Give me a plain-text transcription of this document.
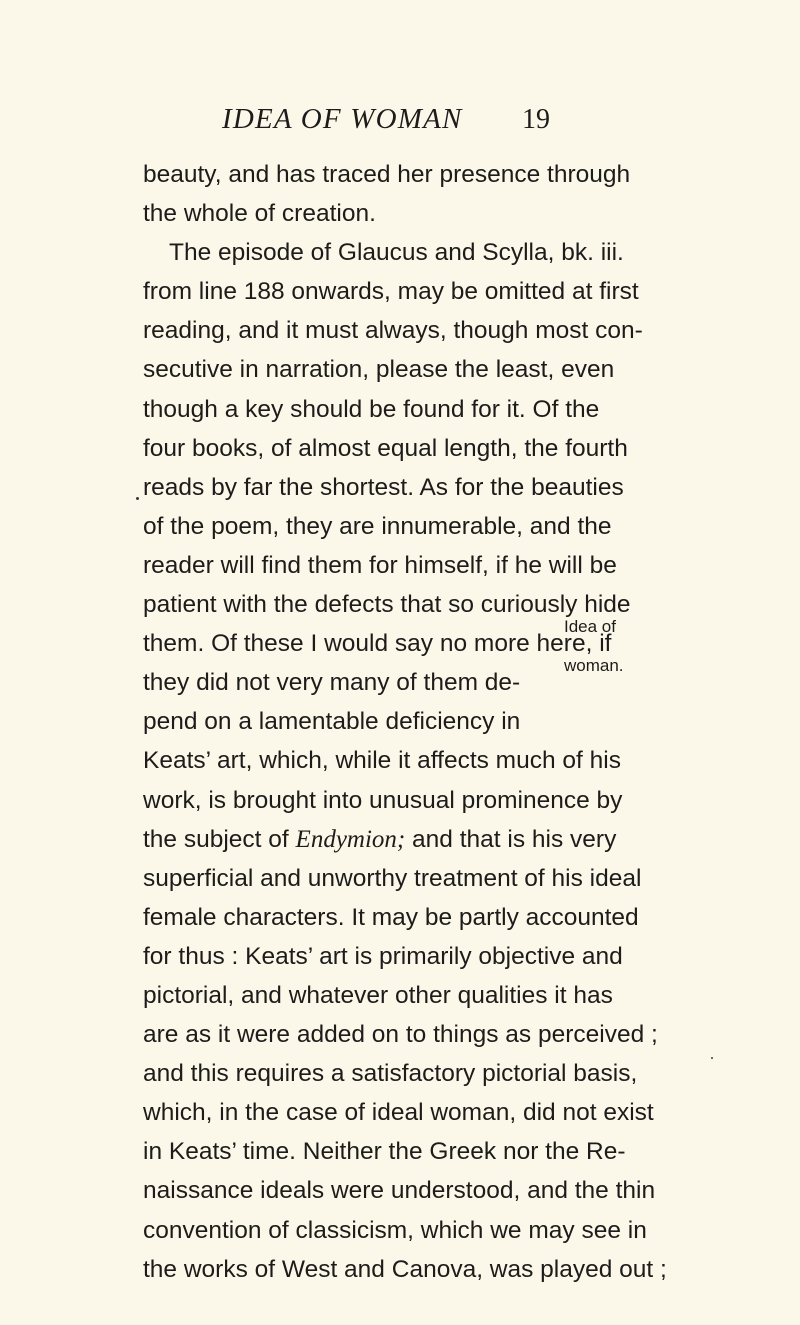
IDEA OF WOMAN 19
beauty, and has traced her presence through
the whole of creation.
The episode of Glaucus and Scylla, bk. iii.
from line 188 onwards, may be omitted at first
reading, and it must always, though most con-
secutive in narration, please the least, even
though a key should be found for it. Of the
four books, of almost equal length, the fourth
reads by far the shortest. As for the beauties
of the poem, they are innumerable, and the
reader will find them for himself, if he will be
patient with the defects that so curiously hide
them. Of these I would say no more here, if
they did not very many of them de-
pend on a lamentable deficiency in
Keats’ art, which, while it affects much of his
work, is brought into unusual prominence by
the subject of Endymion; and that is his very
superficial and unworthy treatment of his ideal
female characters. It may be partly accounted
for thus : Keats’ art is primarily objective and
pictorial, and whatever other qualities it has
are as it were added on to things as perceived ;
and this requires a satisfactory pictorial basis,
which, in the case of ideal woman, did not exist
in Keats’ time. Neither the Greek nor the Re-
naissance ideals were understood, and the thin
convention of classicism, which we may see in
the works of West and Canova, was played out ;
Idea of
woman.
